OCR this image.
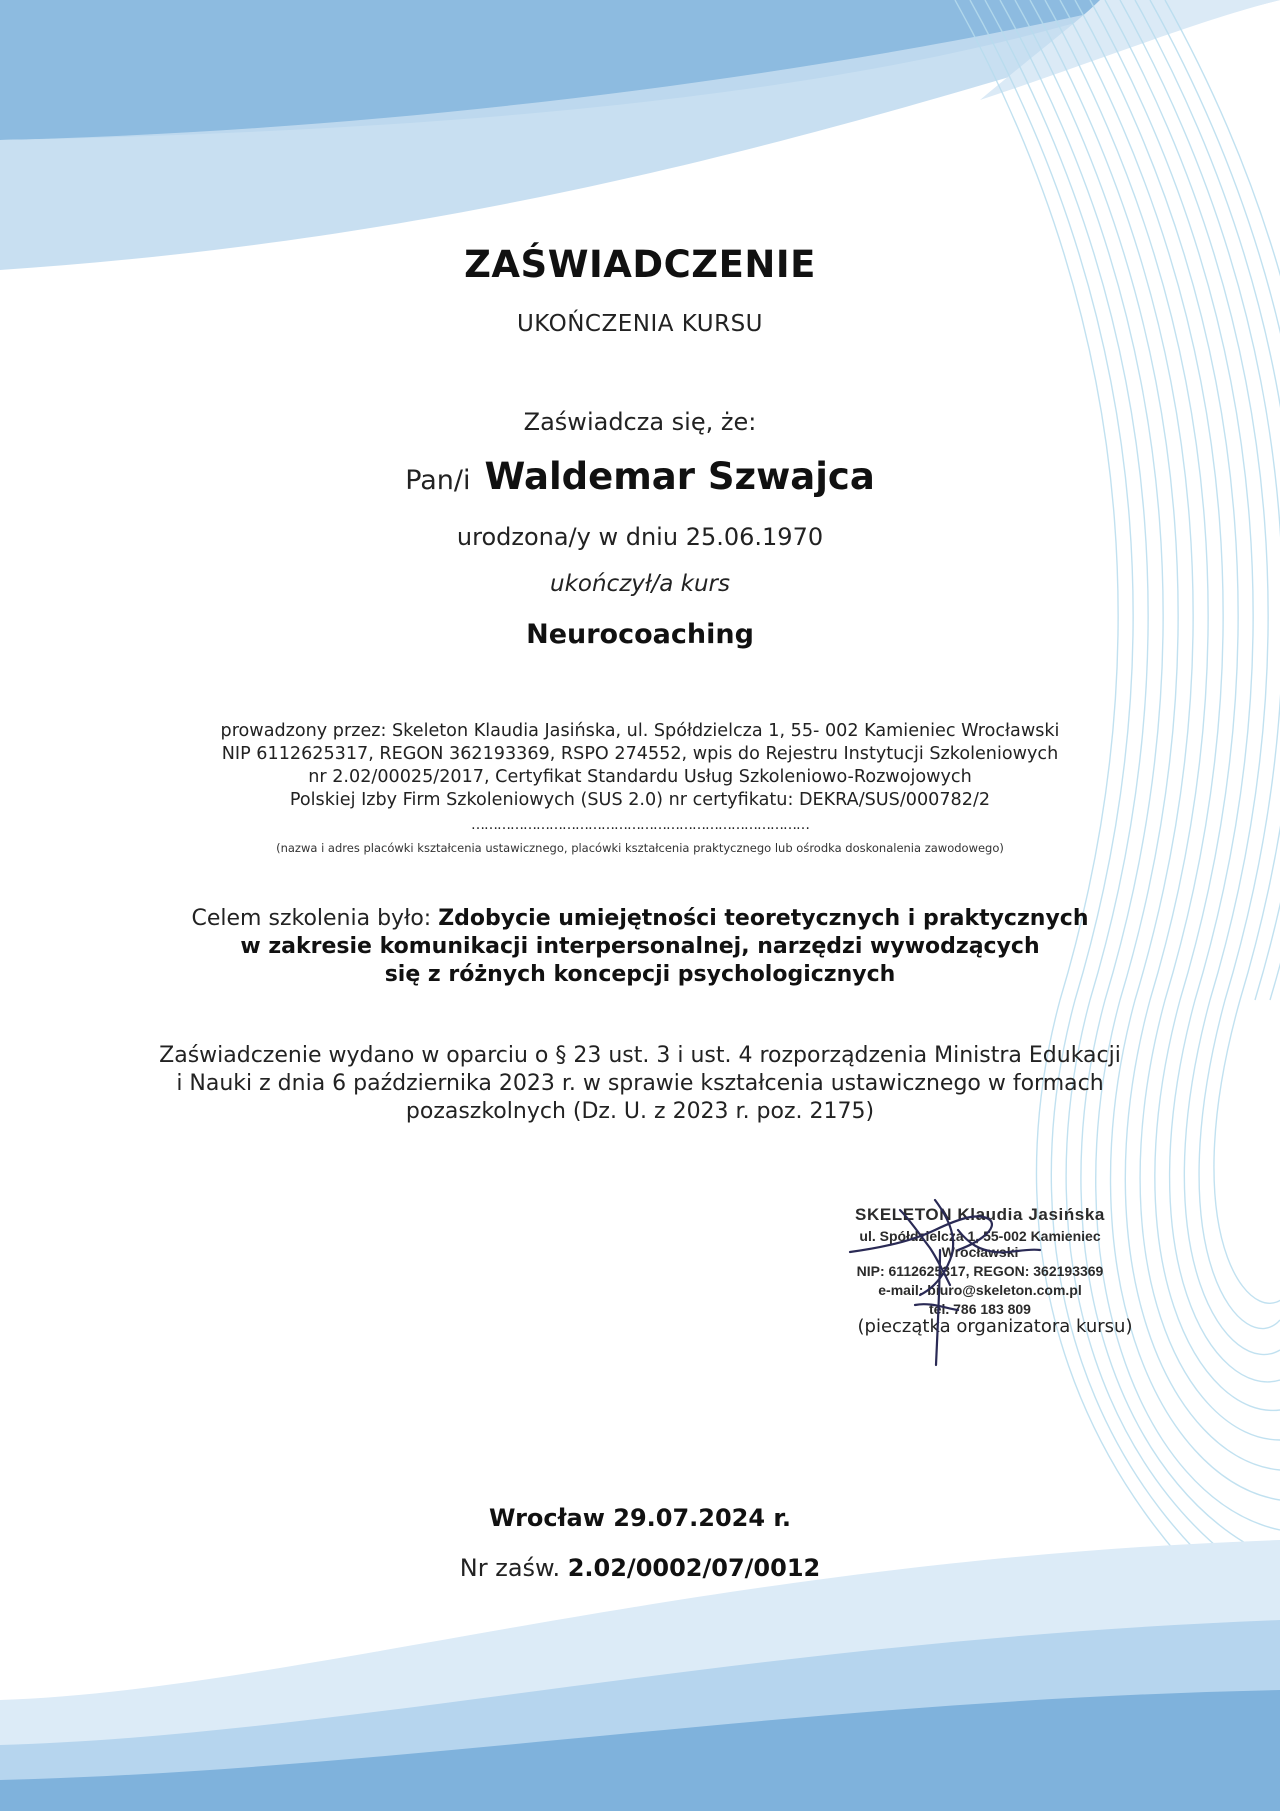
ZAŚWIADCZENIE
UKOŃCZENIA KURSU
Zaświadcza się, że:
Pan/i Waldemar Szwajca
urodzona/y w dniu 25.06.1970
ukończył/a kurs
Neurocoaching
prowadzony przez: Skeleton Klaudia Jasińska, ul. Spółdzielcza 1, 55- 002 Kamieniec Wrocławski
NIP 6112625317, REGON 362193369, RSPO 274552, wpis do Rejestru Instytucji Szkoleniowych
nr 2.02/00025/2017, Certyfikat Standardu Usług Szkoleniowo-Rozwojowych
Polskiej Izby Firm Szkoleniowych (SUS 2.0) nr certyfikatu: DEKRA/SUS/000782/2
……………………………………………………………………
(nazwa i adres placówki kształcenia ustawicznego, placówki kształcenia praktycznego lub ośrodka doskonalenia zawodowego)
Celem szkolenia było: Zdobycie umiejętności teoretycznych i praktycznych
w zakresie komunikacji interpersonalnej, narzędzi wywodzących
się z różnych koncepcji psychologicznych
Zaświadczenie wydano w oparciu o § 23 ust. 3 i ust. 4 rozporządzenia Ministra Edukacji
i Nauki z dnia 6 października 2023 r. w sprawie kształcenia ustawicznego w formach
pozaszkolnych (Dz. U. z 2023 r. poz. 2175)
SKELETON Klaudia Jasińska
ul. Spółdzielcza 1, 55-002 Kamieniec Wrocławski
NIP: 6112625317, REGON: 362193369
e-mail: biuro@skeleton.com.pl
tel. 786 183 809
(pieczątka organizatora kursu)
Wrocław 29.07.2024 r.
Nr zaśw. 2.02/0002/07/0012
